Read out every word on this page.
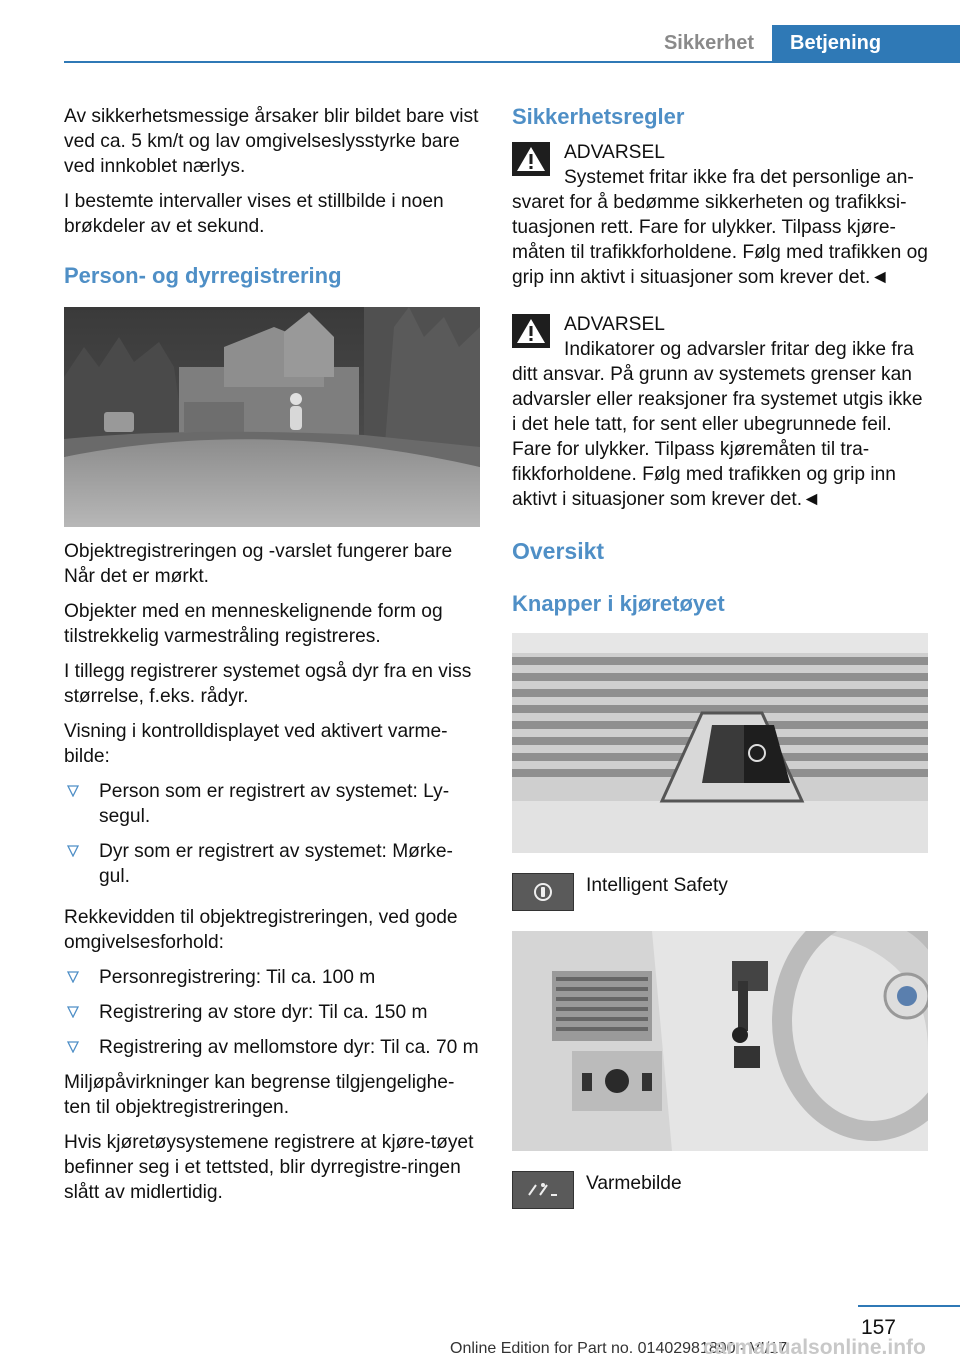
Sikkerhet	Betjening

Av sikkerhetsmessige årsaker blir bildet bare vist ved ca. 5 km/t og lav omgivelseslysstyrke bare ved innkoblet nærlys.

I bestemte intervaller vises et stillbilde i noen brøkdeler av et sekund.

Person- og dyrregistrering

Objektregistreringen og -varslet fungerer bare Når det er mørkt.

Objekter med en menneskelignende form og tilstrekkelig varmestråling registreres.

I tillegg registrerer systemet også dyr fra en viss størrelse, f.eks. rådyr.

Visning i kontrolldisplayet ved aktivert varme-bilde:

Person som er registrert av systemet: Ly-segul.
Dyr som er registrert av systemet: Mørke-gul.

Rekkevidden til objektregistreringen, ved gode omgivelsesforhold:

Personregistrering: Til ca. 100 m
Registrering av store dyr: Til ca. 150 m
Registrering av mellomstore dyr: Til ca. 70 m

Miljøpåvirkninger kan begrense tilgjengelighe-ten til objektregistreringen.

Hvis kjøretøysystemene registrere at kjøre-tøyet befinner seg i et tettsted, blir dyrregistre-ringen slått av midlertidig.

Sikkerhetsregler

ADVARSEL

Systemet fritar ikke fra det personlige an-svaret for å bedømme sikkerheten og trafikksi-tuasjonen rett. Fare for ulykker. Tilpass kjøre-måten til trafikkforholdene. Følg med trafikken og grip inn aktivt i situasjoner som krever det.◄

ADVARSEL

Indikatorer og advarsler fritar deg ikke fra ditt ansvar. På grunn av systemets grenser kan advarsler eller reaksjoner fra systemet utgis ikke i det hele tatt, for sent eller ubegrunnede feil. Fare for ulykker. Tilpass kjøremåten til tra-fikkforholdene. Følg med trafikken og grip inn aktivt i situasjoner som krever det.◄

Oversikt
Knapper i kjøretøyet
Intelligent Safety
Varmebilde
157
Online Edition for Part no. 01402981890 - VI/17
carmanualsonline.info
